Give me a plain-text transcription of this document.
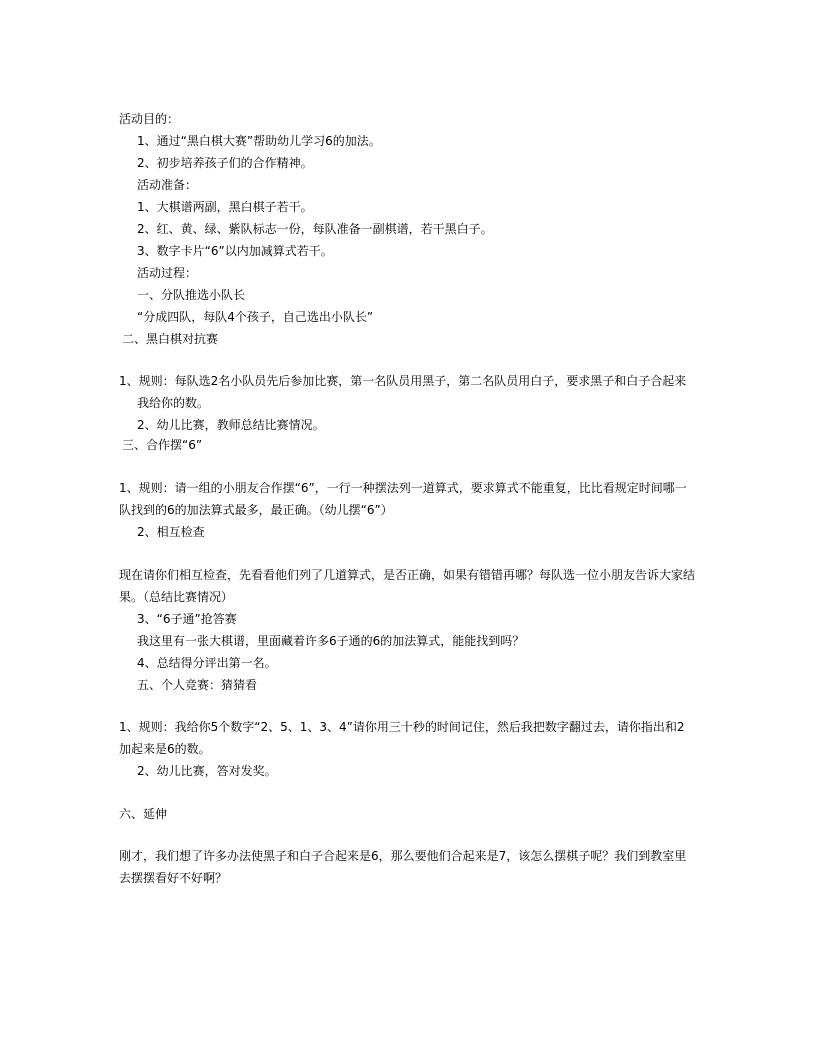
活动目的：
1、通过“黑白棋大赛”帮助幼儿学习6的加法。
2、初步培养孩子们的合作精神。
活动准备：
1、大棋谱两副，黑白棋子若干。
2、红、黄、绿、紫队标志一份，每队准备一副棋谱，若干黑白子。
3、数字卡片“6”以内加减算式若干。
活动过程：
一、分队推选小队长
“分成四队，每队4个孩子，自己选出小队长”
二、黑白棋对抗赛
1、规则：每队选2名小队员先后参加比赛，第一名队员用黑子，第二名队员用白子，要求黑子和白子合起来
我给你的数。
2、幼儿比赛，教师总结比赛情况。
三、合作摆“6”
1、规则：请一组的小朋友合作摆“6”，一行一种摆法列一道算式，要求算式不能重复，比比看规定时间哪一
队找到的6的加法算式最多，最正确。（幼儿摆“6”）
2、相互检查
现在请你们相互检查，先看看他们列了几道算式，是否正确，如果有错错再哪？每队选一位小朋友告诉大家结
果。（总结比赛情况）
3、“6子通”抢答赛
我这里有一张大棋谱，里面藏着许多6子通的6的加法算式，能能找到吗？
4、总结得分评出第一名。
五、个人竞赛：猜猜看
1、规则：我给你5个数字“2、5、1、3、4”请你用三十秒的时间记住，然后我把数字翻过去，请你指出和2
加起来是6的数。
2、幼儿比赛，答对发奖。
六、延伸
刚才，我们想了许多办法使黑子和白子合起来是6，那么要他们合起来是7，该怎么摆棋子呢？我们到教室里
去摆摆看好不好啊？
